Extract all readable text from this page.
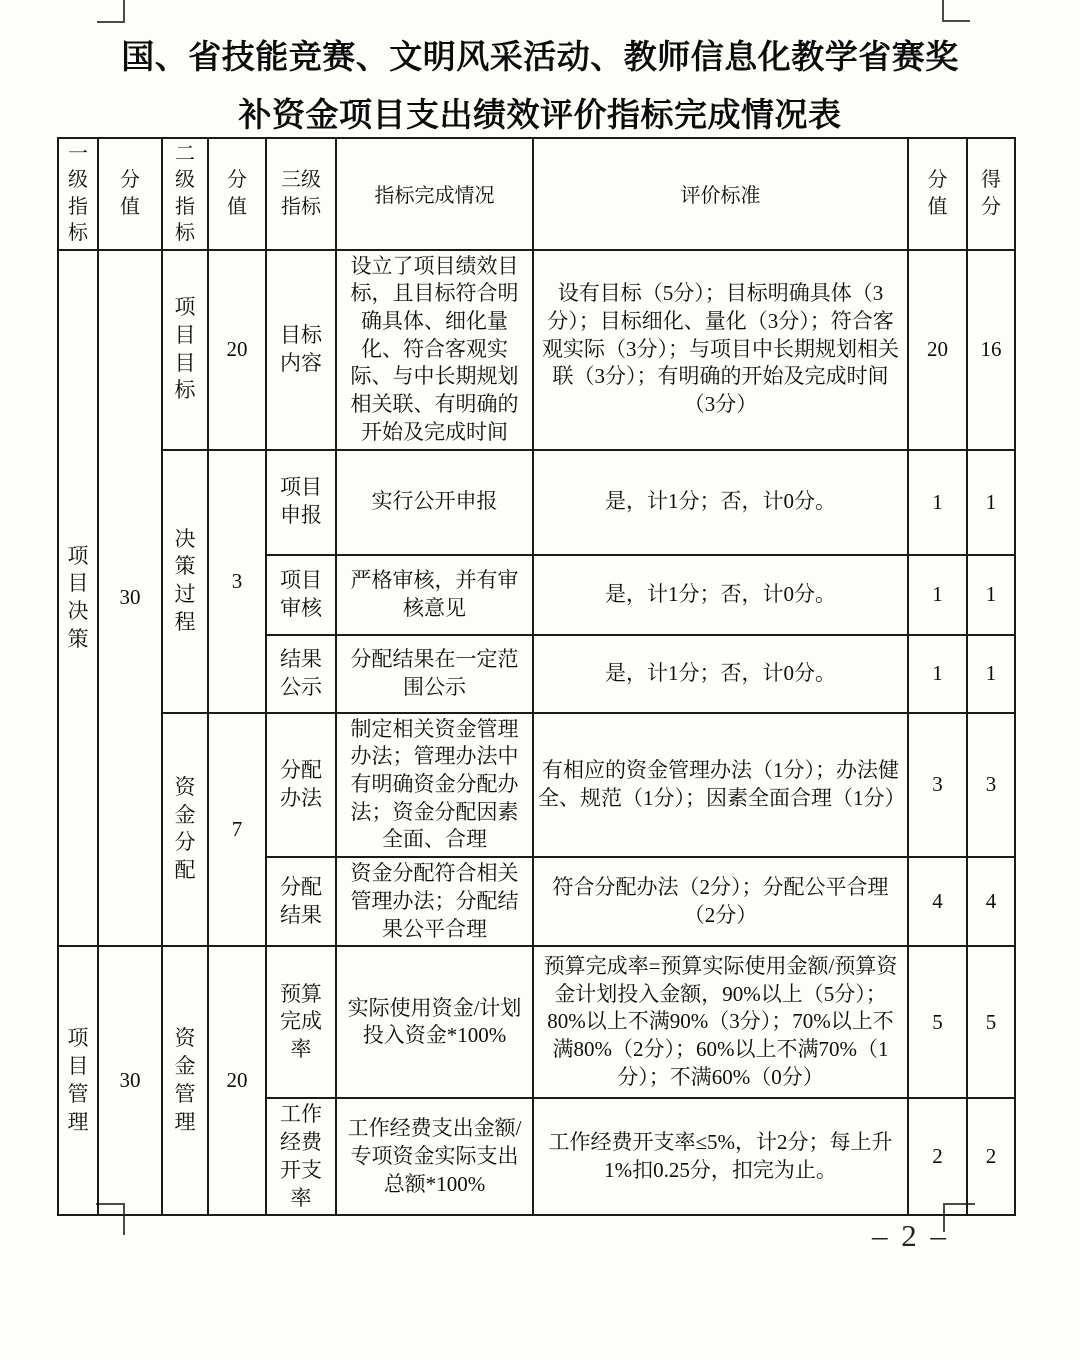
国、省技能竞赛、文明风采活动、教师信息化教学省赛奖
补资金项目支出绩效评价指标完成情况表
一级指标	分值	二级指标	分值	三级指标	指标完成情况	评价标准	分值	得分
项目决策	30	项目目标	20	目标内容	设立了项目绩效目标，且目标符合明确具体、细化量化、符合客观实际、与中长期规划相关联、有明确的开始及完成时间	设有目标（5分）；目标明确具体（3分）；目标细化、量化（3分）；符合客观实际（3分）；与项目中长期规划相关联（3分）；有明确的开始及完成时间（3分）	20	16
		决策过程	3	项目申报	实行公开申报	是，计1分；否，计0分。	1	1
				项目审核	严格审核，并有审核意见	是，计1分；否，计0分。	1	1
				结果公示	分配结果在一定范围公示	是，计1分；否，计0分。	1	1
		资金分配	7	分配办法	制定相关资金管理办法；管理办法中有明确资金分配办法；资金分配因素全面、合理	有相应的资金管理办法（1分）；办法健全、规范（1分）；因素全面合理（1分）	3	3
				分配结果	资金分配符合相关管理办法；分配结果公平合理	符合分配办法（2分）；分配公平合理（2分）	4	4
项目管理	30	资金管理	20	预算完成率	实际使用资金/计划投入资金*100%	预算完成率=预算实际使用金额/预算资金计划投入金额，90%以上（5分）；80%以上不满90%（3分）；70%以上不满80%（2分）；60%以上不满70%（1分）；不满60%（0分）	5	5
				工作经费开支率	工作经费支出金额/专项资金实际支出总额*100%	工作经费开支率≤5%，计2分；每上升1%扣0.25分，扣完为止。	2	2
– 2 –
